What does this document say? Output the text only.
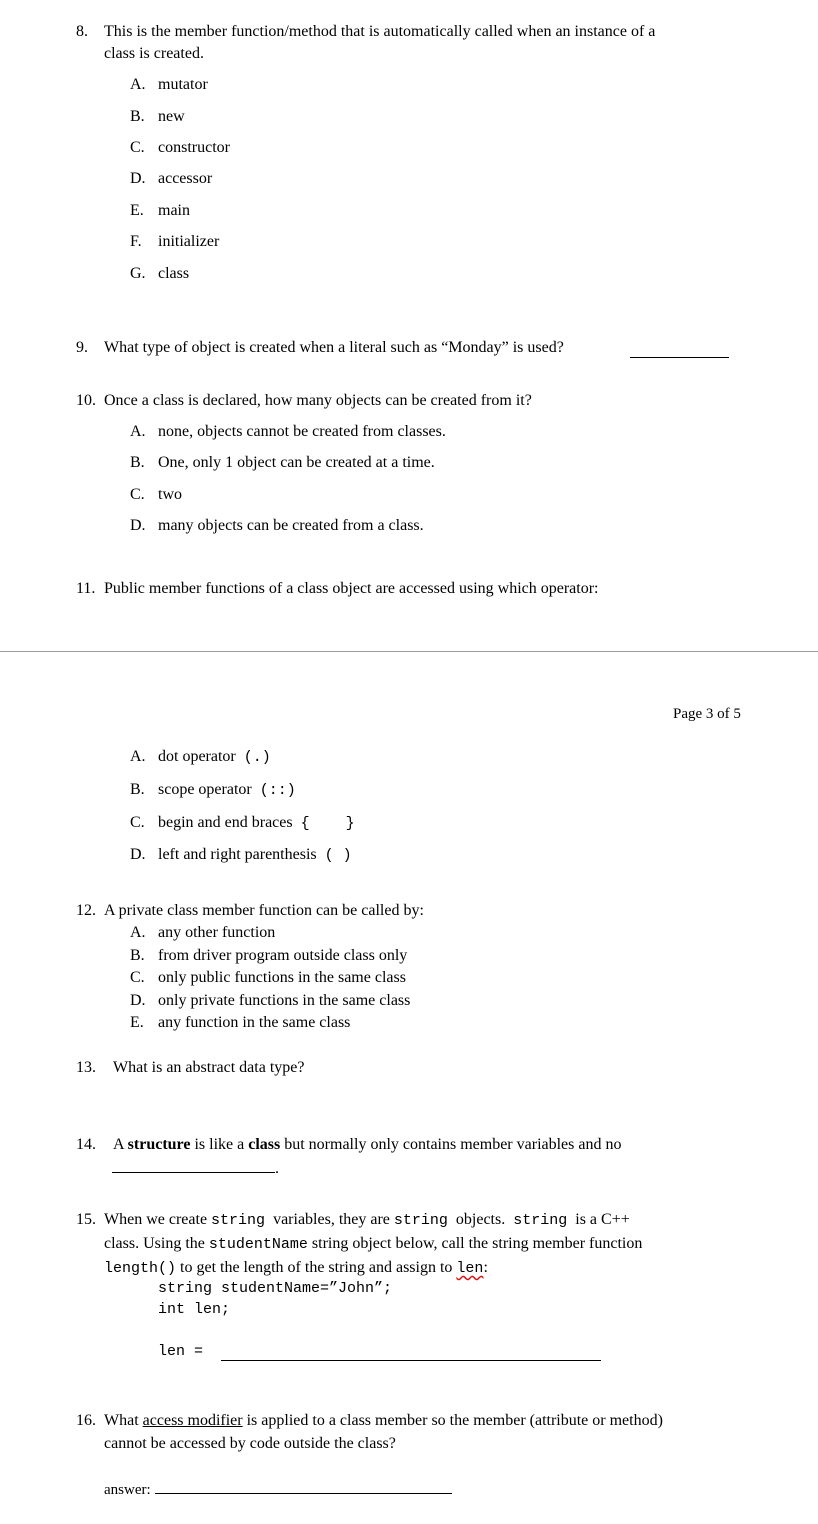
8. This is the member function/method that is automatically called when an instance of a
class is created.
A. mutator
B. new
C. constructor
D. accessor
E. main
F. initializer
G. class
9. What type of object is created when a literal such as “Monday” is used?
10. Once a class is declared, how many objects can be created from it?
A. none, objects cannot be created from classes.
B. One, only 1 object can be created at a time.
C. two
D. many objects can be created from a class.
11. Public member functions of a class object are accessed using which operator:
Page 3 of 5
A. dot operator (.)
B. scope operator (::)
C. begin and end braces {    }
D. left and right parenthesis ( )
12. A private class member function can be called by:
A. any other function
B. from driver program outside class only
C. only public functions in the same class
D. only private functions in the same class
E. any function in the same class
13. What is an abstract data type?
14. A structure is like a class but normally only contains member variables and no
.
15. When we create string variables, they are string objects. string is a C++
class. Using the studentName string object below, call the string member function
length() to get the length of the string and assign to len:
string studentName=”John”;
int len;
len =
16. What access modifier is applied to a class member so the member (attribute or method)
cannot be accessed by code outside the class?
answer:
